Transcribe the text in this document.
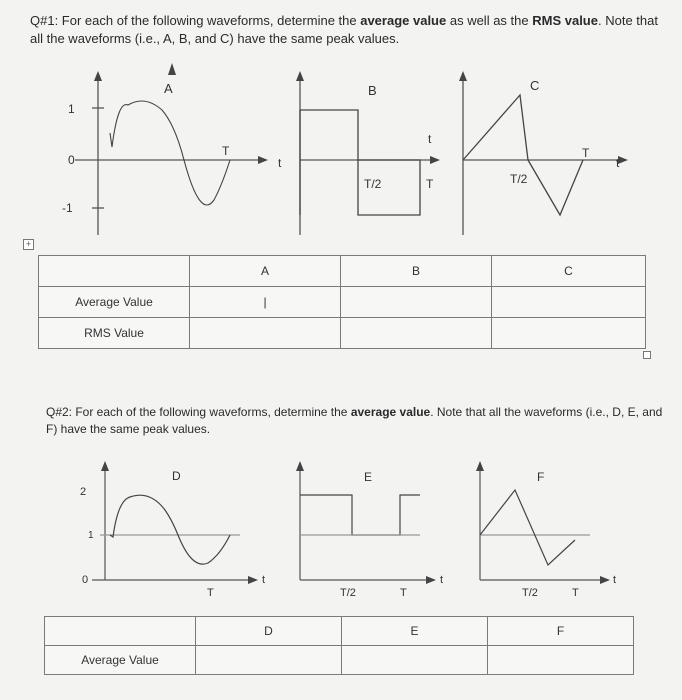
Q#1: For each of the following waveforms, determine the average value as well as the RMS value. Note that all the waveforms (i.e., A, B, and C) have the same peak values.
A
1
0
-1
T
t
B
T/2	T
t
C
T/2
T
t
+
	A	B	C
Average Value	|		
RMS Value			
Q#2: For each of the following waveforms, determine the average value. Note that all the waveforms (i.e., D, E, and F) have the same peak values.
D
2
1
0
T
t
E
T/2	T
t
F
T/2	T
t
	D	E	F
Average Value			
